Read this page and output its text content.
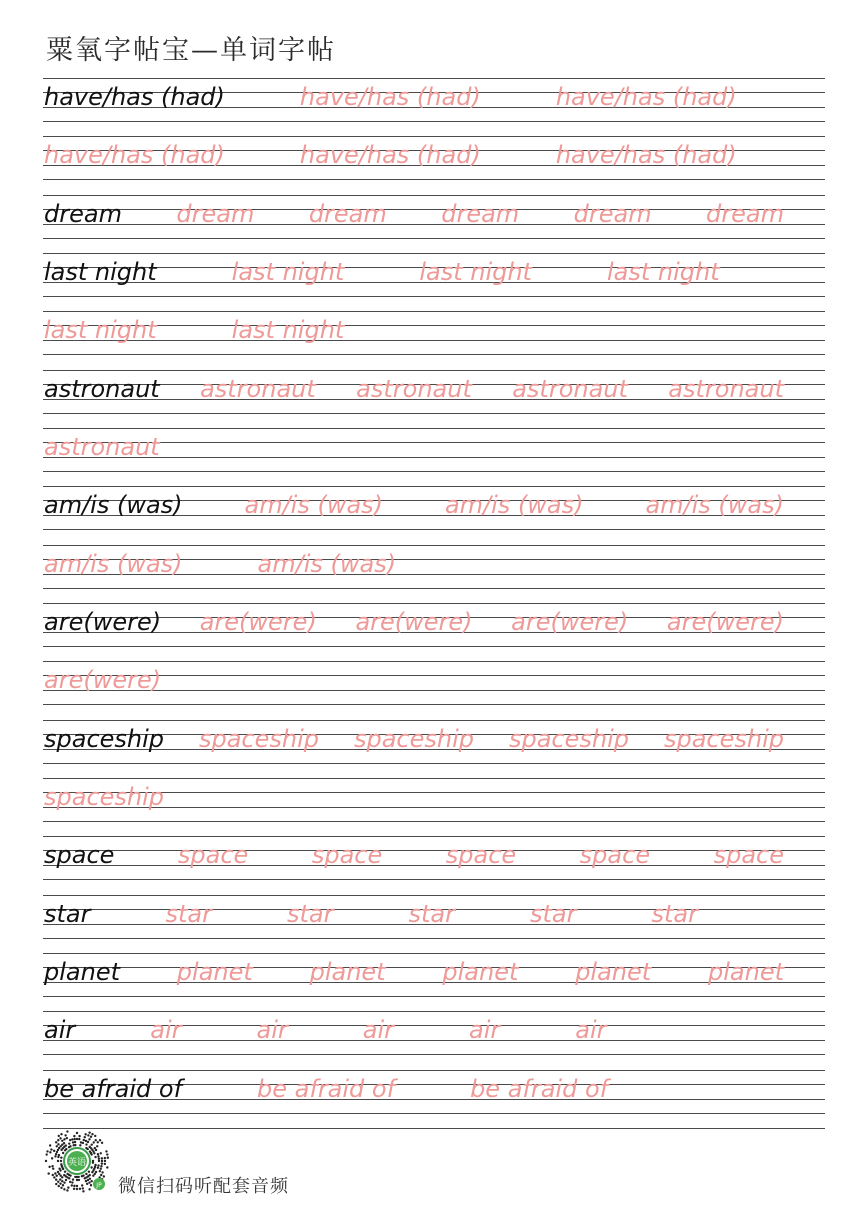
粟氧字帖宝—单词字帖
have/has (had)	have/has (had)	have/has (had)
have/has (had)	have/has (had)	have/has (had)
dream dream dream dream dream dream
last night	last night	last night	last night
last night	last night
astronaut astronaut astronaut astronaut astronaut
astronaut
am/is (was)	am/is (was)	am/is (was)	am/is (was)
am/is (was)	am/is (was)
are(were) are(were) are(were) are(were) are(were)
are(were)
spaceship spaceship spaceship spaceship spaceship
spaceship
space	space	space	space	space	space
star	star	star	star	star	star
planet planet planet planet planet planet
air	air	air	air	air	air
be afraid of	be afraid of	be afraid of
英语
JP 微信扫码听配套音频
